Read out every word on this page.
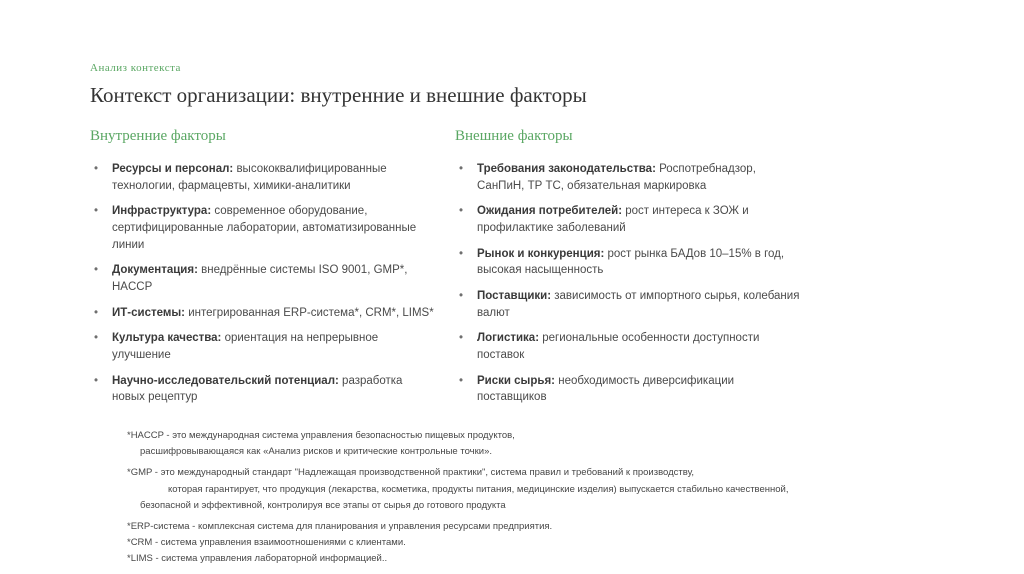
Анализ контекста
Контекст организации: внутренние и внешние факторы
Внутренние факторы
• Ресурсы и персонал: высококвалифицированные технологии, фармацевты, химики-аналитики
• Инфраструктура: современное оборудование, сертифицированные лаборатории, автоматизированные линии
• Документация: внедрённые системы ISO 9001, GMP*, HACCP
• ИТ-системы: интегрированная ERP-система*, CRM*, LIMS*
• Культура качества: ориентация на непрерывное улучшение
• Научно-исследовательский потенциал: разработка новых рецептур
Внешние факторы
• Требования законодательства: Роспотребнадзор, СанПиН, ТР ТС, обязательная маркировка
• Ожидания потребителей: рост интереса к ЗОЖ и профилактике заболеваний
• Рынок и конкуренция: рост рынка БАДов 10–15% в год, высокая насыщенность
• Поставщики: зависимость от импортного сырья, колебания валют
• Логистика: региональные особенности доступности поставок
• Риски сырья: необходимость диверсификации поставщиков
*HACCP - это международная система управления безопасностью пищевых продуктов,
расшифровывающаяся как «Анализ рисков и критические контрольные точки».
*GMP - это международный стандарт "Надлежащая производственной практики", система правил и требований к производству,
которая гарантирует, что продукция (лекарства, косметика, продукты питания, медицинские изделия) выпускается стабильно качественной,
безопасной и эффективной, контролируя все этапы от сырья до готового продукта
*ERP-система - комплексная система для планирования и управления ресурсами предприятия.
*CRM - система управления взаимоотношениями с клиентами.
*LIMS - система управления лабораторной информацией..
